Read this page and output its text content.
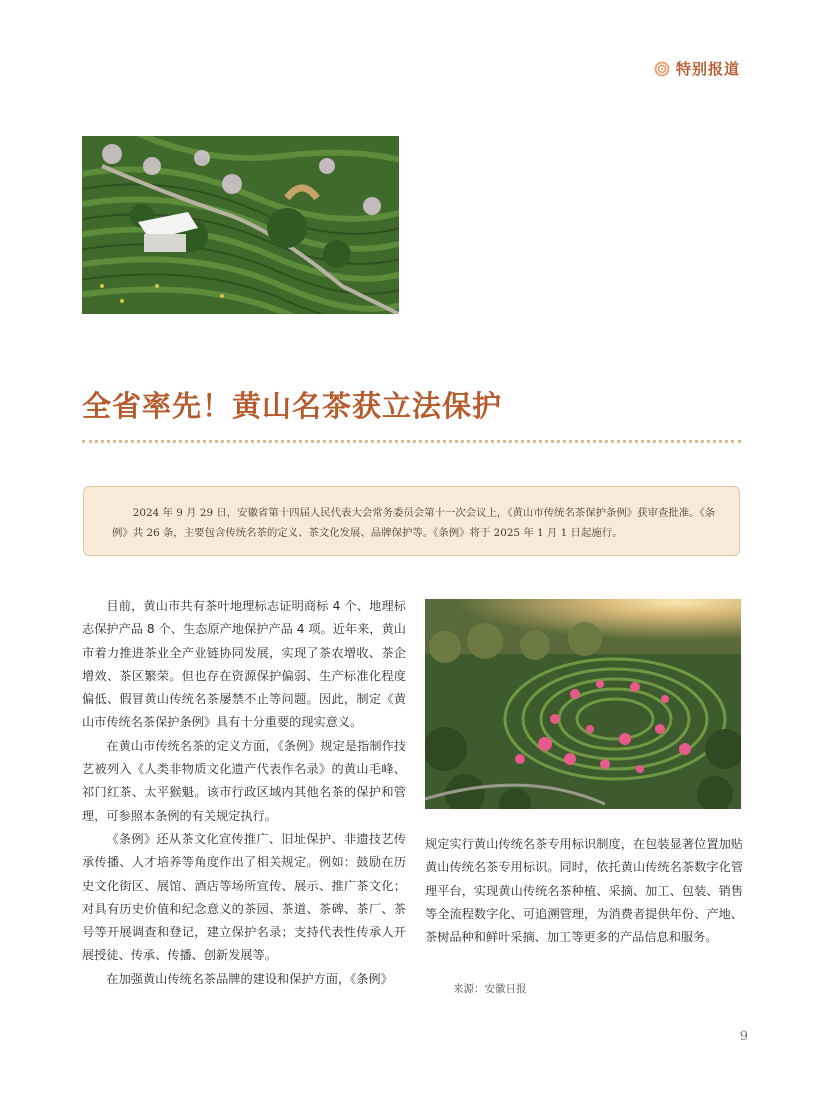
特别报道
全省率先！黄山名茶获立法保护

2024 年 9 月 29 日，安徽省第十四届人民代表大会常务委员会第十一次会议上，《黄山市传统名茶保护条例》获审查批准。《条例》共 26 条，主要包含传统名茶的定义、茶文化发展、品牌保护等。《条例》将于 2025 年 1 月 1 日起施行。

目前，黄山市共有茶叶地理标志证明商标 4 个、地理标志保护产品 8 个、生态原产地保护产品 4 项。近年来，黄山市着力推进茶业全产业链协同发展，实现了茶农增收、茶企增效、茶区繁荣。但也存在资源保护偏弱、生产标准化程度偏低、假冒黄山传统名茶屡禁不止等问题。因此，制定《黄山市传统名茶保护条例》具有十分重要的现实意义。

在黄山市传统名茶的定义方面，《条例》规定是指制作技艺被列入《人类非物质文化遗产代表作名录》的黄山毛峰、祁门红茶、太平猴魁。该市行政区域内其他名茶的保护和管理，可参照本条例的有关规定执行。

《条例》还从茶文化宣传推广、旧址保护、非遗技艺传承传播、人才培养等角度作出了相关规定。例如：鼓励在历史文化街区、展馆、酒店等场所宣传、展示、推广茶文化；对具有历史价值和纪念意义的茶园、茶道、茶碑、茶厂、茶号等开展调查和登记，建立保护名录；支持代表性传承人开展授徒、传承、传播、创新发展等。

在加强黄山传统名茶品牌的建设和保护方面，《条例》

规定实行黄山传统名茶专用标识制度，在包装显著位置加贴黄山传统名茶专用标识。同时，依托黄山传统名茶数字化管理平台，实现黄山传统名茶种植、采摘、加工、包装、销售等全流程数字化、可追溯管理，为消费者提供年份、产地、茶树品种和鲜叶采摘、加工等更多的产品信息和服务。

来源：安徽日报
9
